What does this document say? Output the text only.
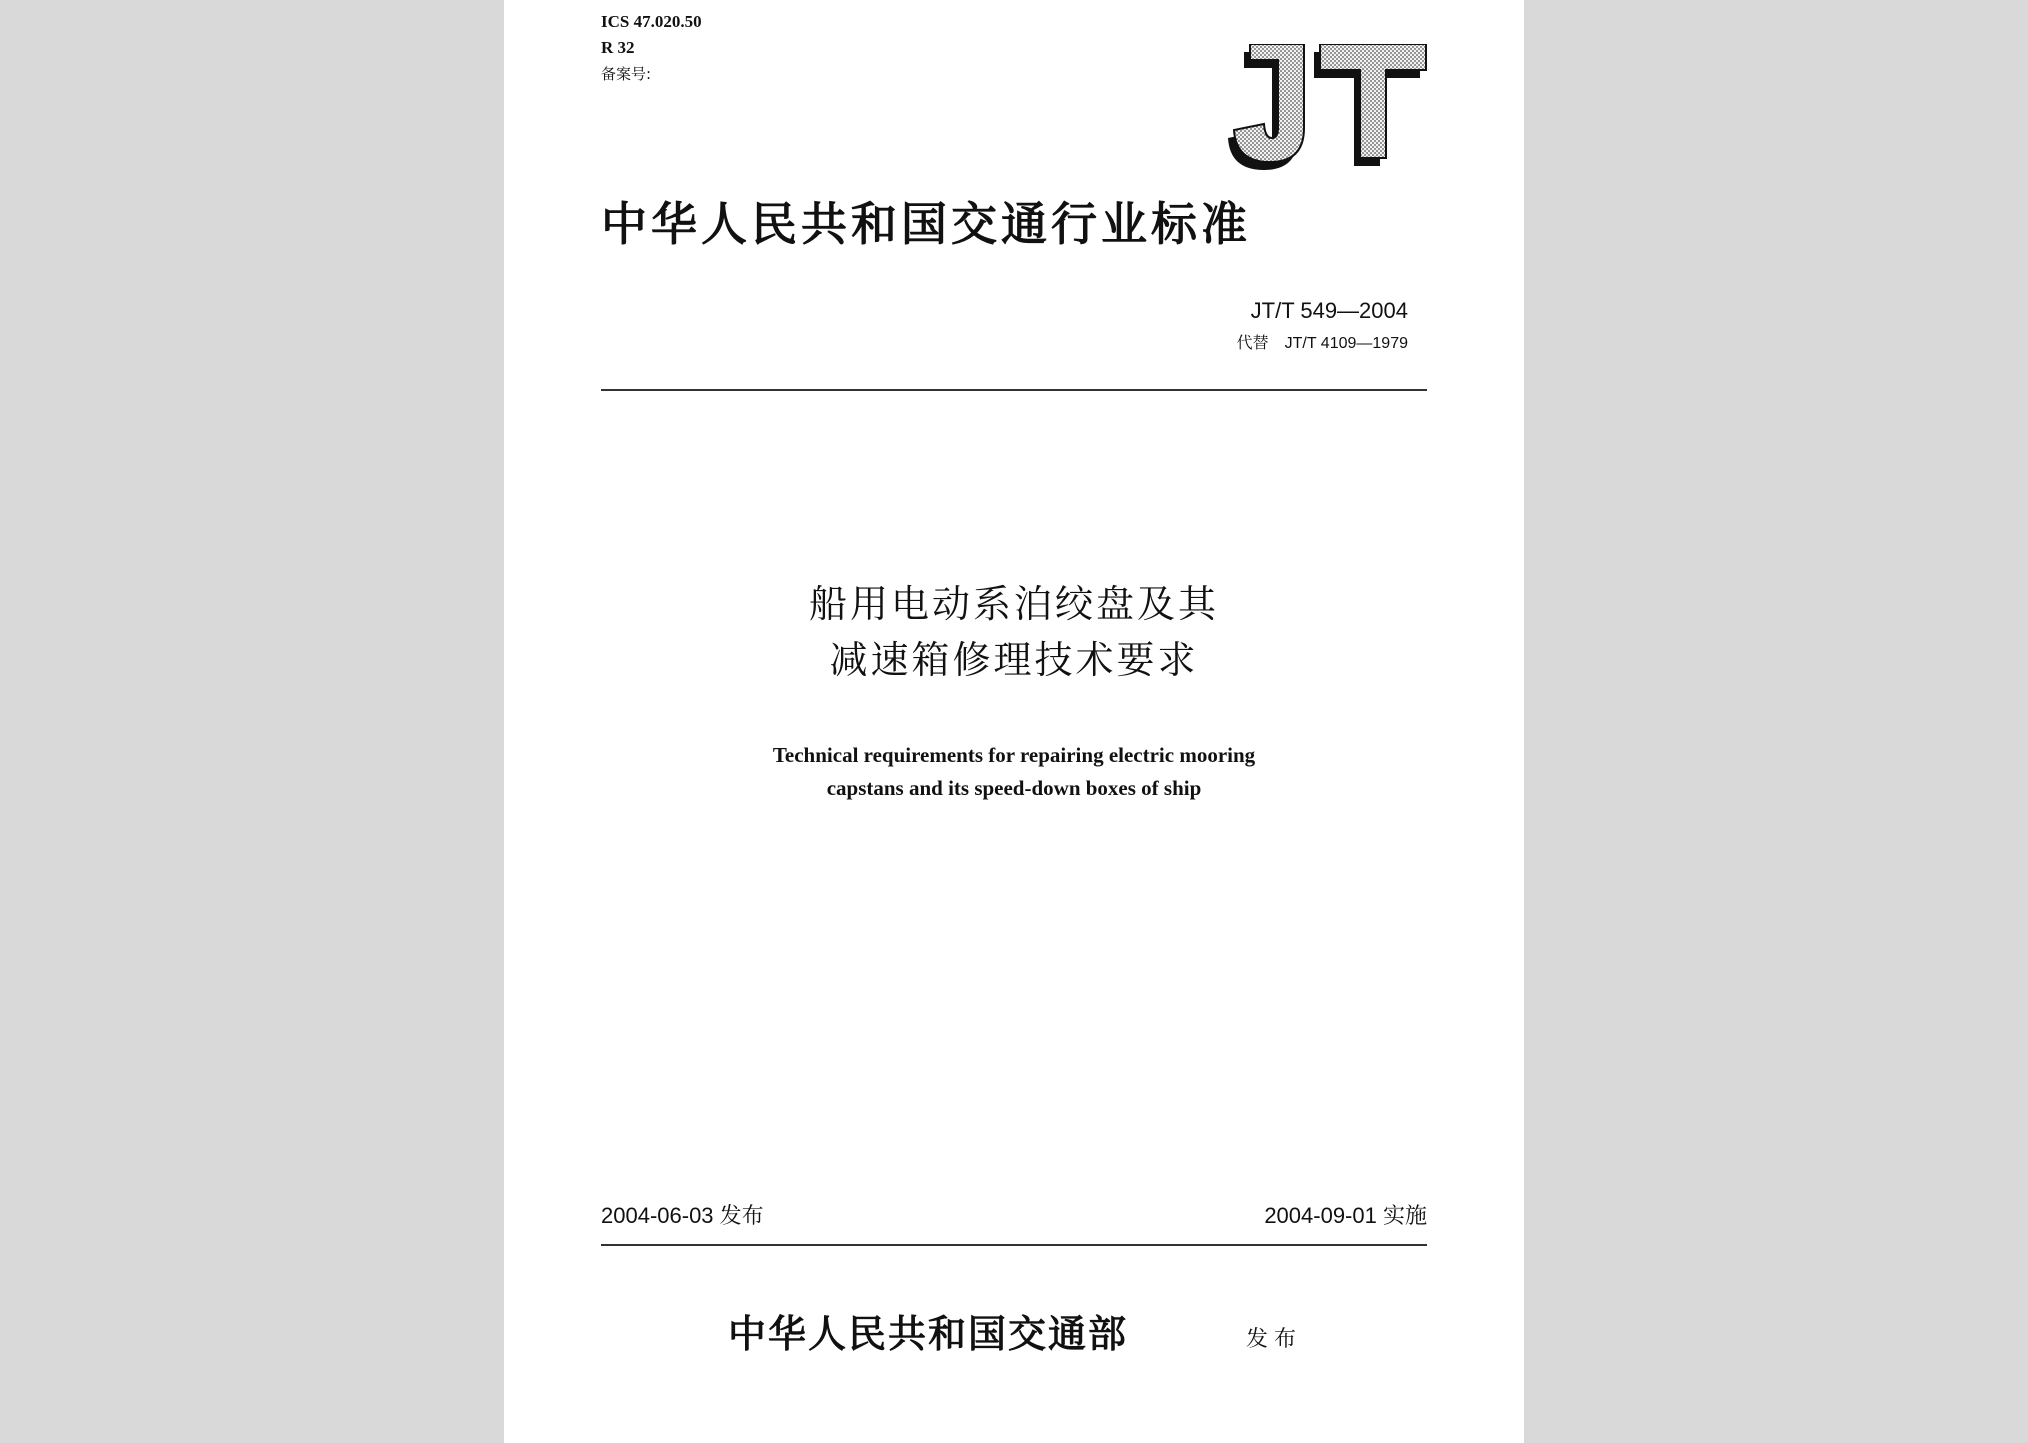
ICS 47.020.50
R 32
备案号:
中华人民共和国交通行业标准
JT/T 549—2004
代替 JT/T 4109—1979
船用电动系泊绞盘及其
减速箱修理技术要求
Technical requirements for repairing electric mooring
capstans and its speed-down boxes of ship
2004-06-03 发布	2004-09-01 实施
中华人民共和国交通部	发布
